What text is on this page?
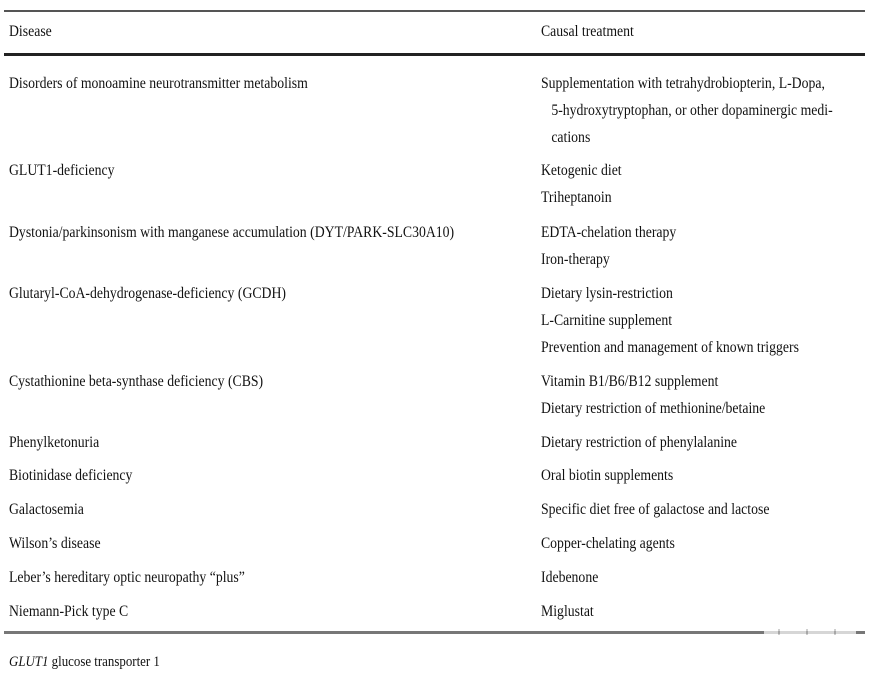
Disease	Causal treatment
Disorders of monoamine neurotransmitter metabolism	Supplementation with tetrahydrobiopterin, L-Dopa,
5-hydroxytryptophan, or other dopaminergic medi-
cations
GLUT1-deficiency	Ketogenic diet
Triheptanoin
Dystonia/parkinsonism with manganese accumulation (DYT/PARK-SLC30A10)	EDTA-chelation therapy
Iron-therapy
Glutaryl-CoA-dehydrogenase-deficiency (GCDH)	Dietary lysin-restriction
L-Carnitine supplement
Prevention and management of known triggers
Cystathionine beta-synthase deficiency (CBS)	Vitamin B1/B6/B12 supplement
Dietary restriction of methionine/betaine
Phenylketonuria	Dietary restriction of phenylalanine
Biotinidase deficiency	Oral biotin supplements
Galactosemia	Specific diet free of galactose and lactose
Wilson’s disease	Copper-chelating agents
Leber’s hereditary optic neuropathy “plus”	Idebenone
Niemann-Pick type C	Miglustat
GLUT1 glucose transporter 1
